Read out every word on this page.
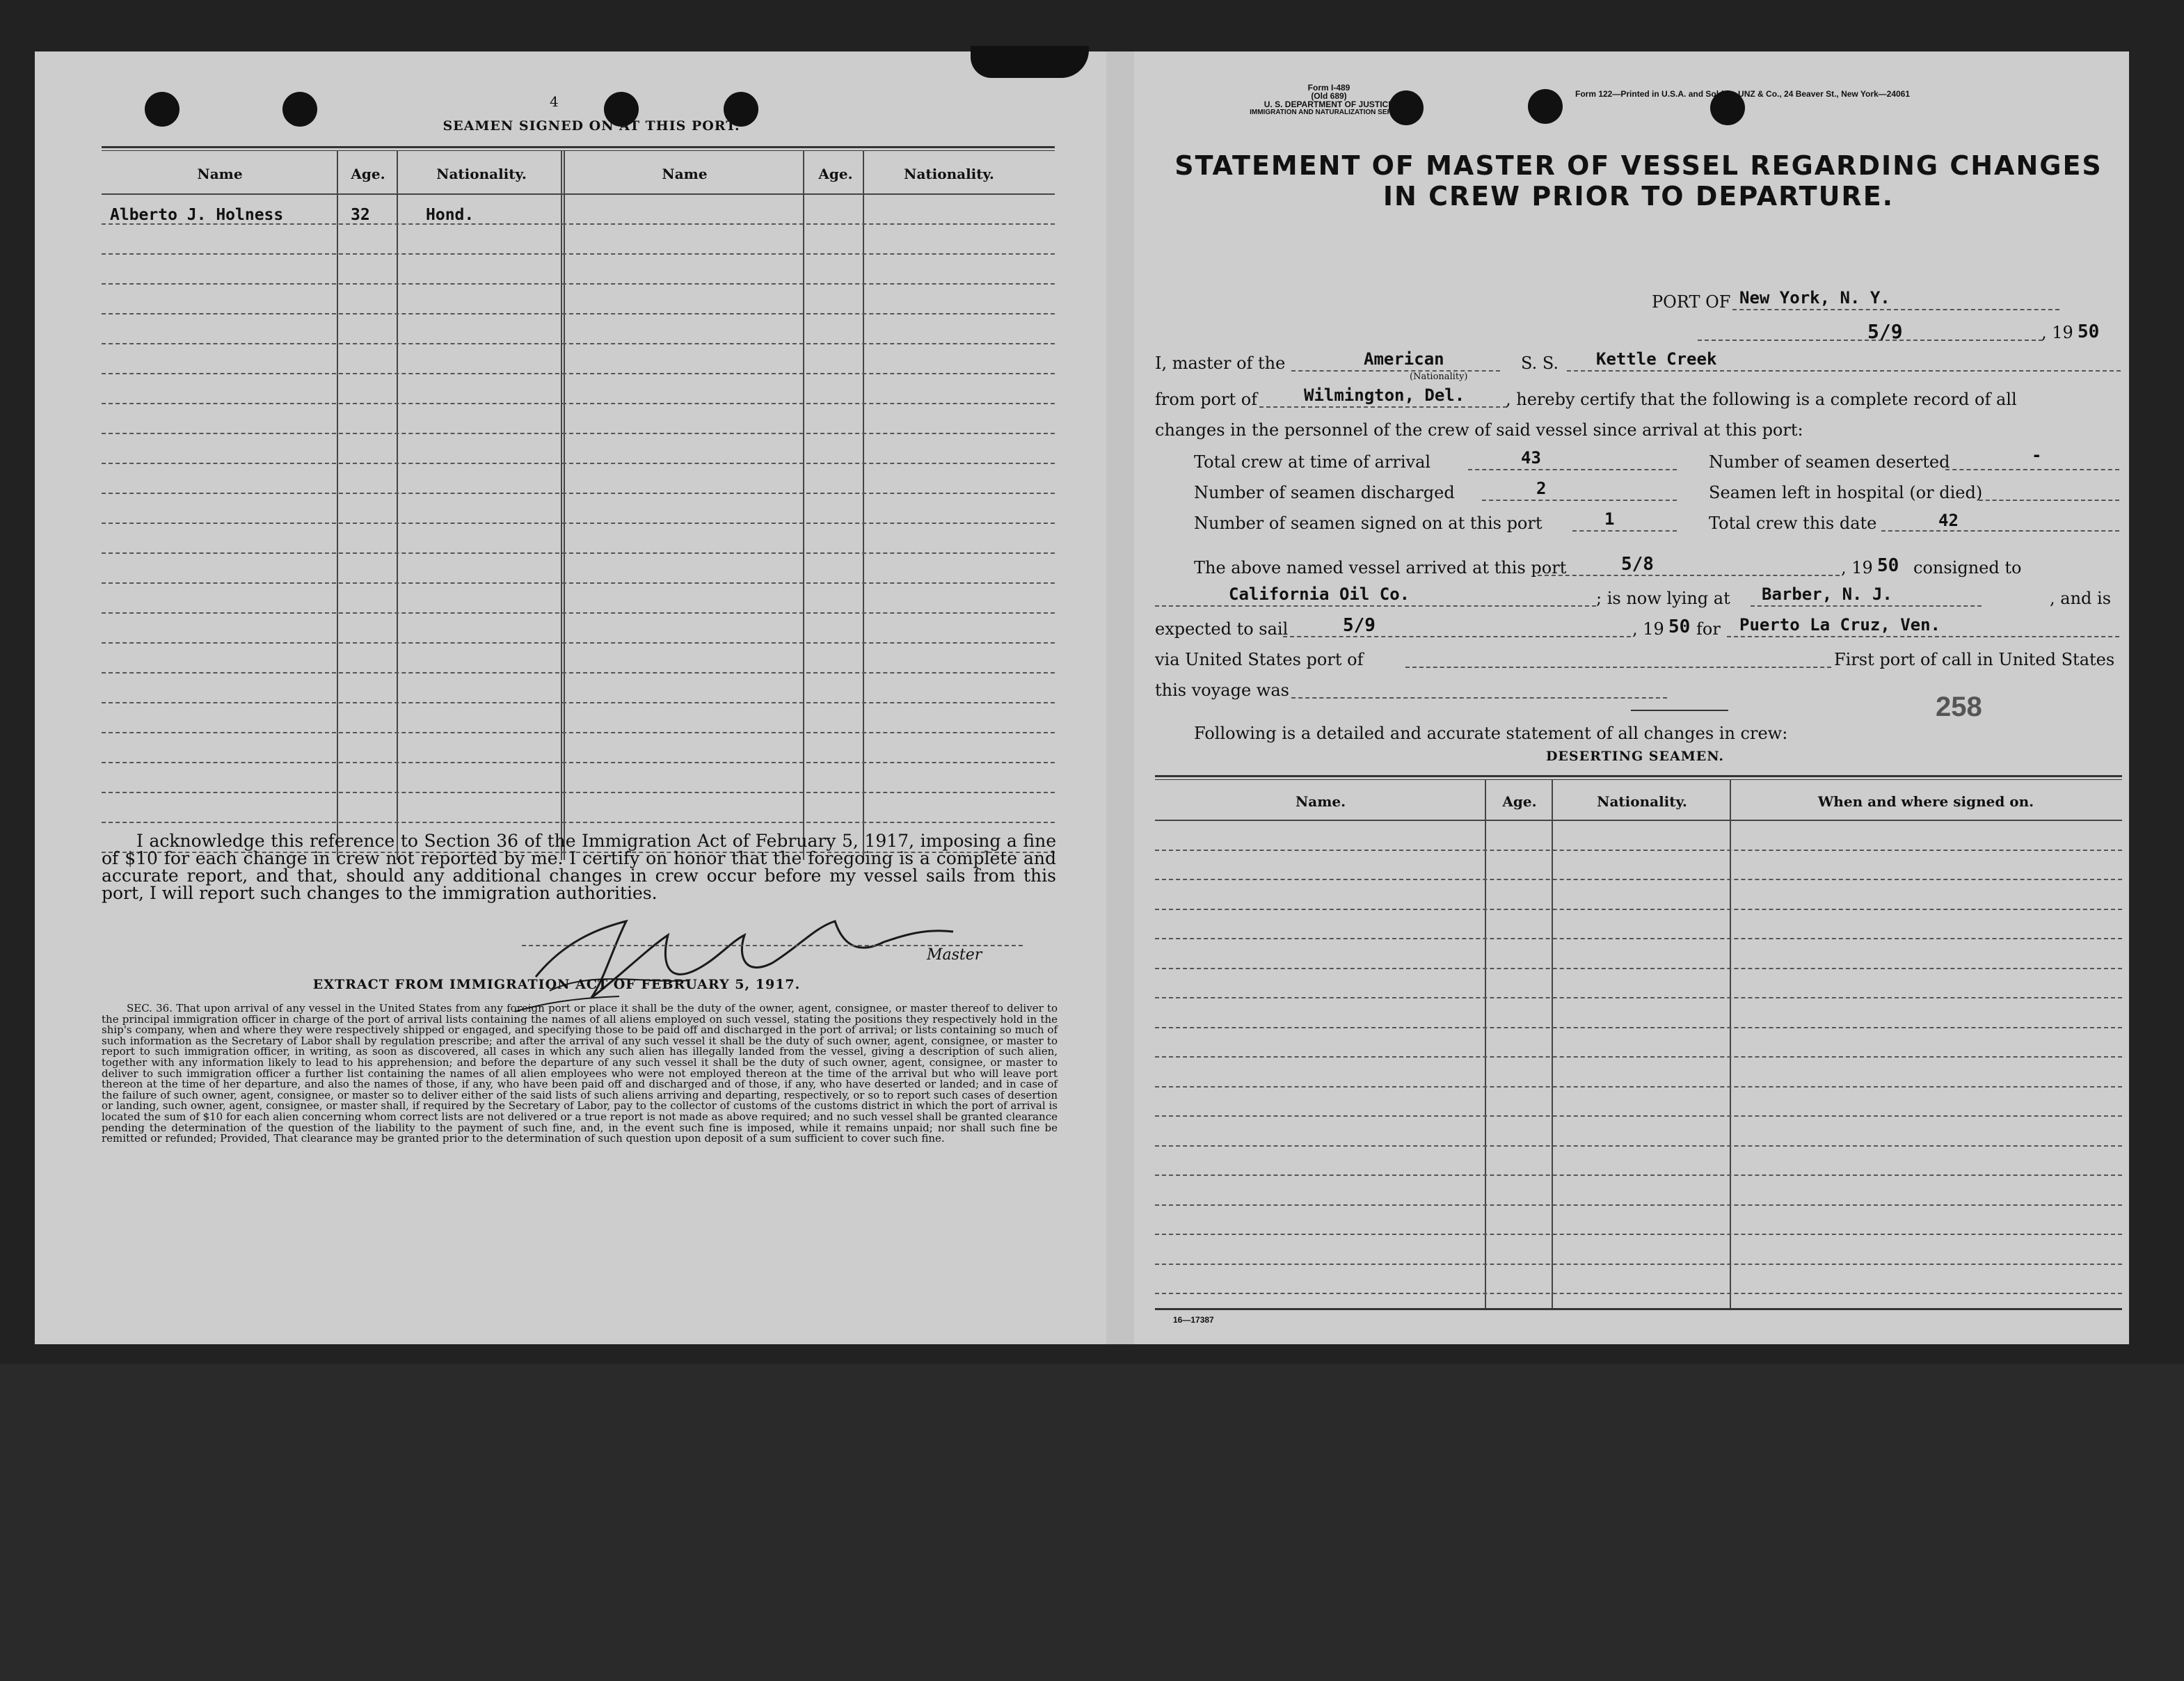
4
SEAMEN SIGNED ON AT THIS PORT.
Name	Age.	Nationality.	Name	Age.	Nationality.
Alberto J. Holness	32	Hond.
I acknowledge this reference to Section 36 of the Immigration Act of February 5, 1917, imposing a fine of $10 for each change in crew not reported by me. I certify on honor that the foregoing is a complete and accurate report, and that, should any additional changes in crew occur before my vessel sails from this port, I will report such changes to the immigration authorities.
Master
EXTRACT FROM IMMIGRATION ACT OF FEBRUARY 5, 1917.
SEC. 36. That upon arrival of any vessel in the United States from any foreign port or place it shall be the duty of the owner, agent, consignee, or master thereof to deliver to the principal immigration officer in charge of the port of arrival lists containing the names of all aliens employed on such vessel, stating the positions they respectively hold in the ship's company, when and where they were respectively shipped or engaged, and specifying those to be paid off and discharged in the port of arrival; or lists containing so much of such information as the Secretary of Labor shall by regulation prescribe; and after the arrival of any such vessel it shall be the duty of such owner, agent, consignee, or master to report to such immigration officer, in writing, as soon as discovered, all cases in which any such alien has illegally landed from the vessel, giving a description of such alien, together with any information likely to lead to his apprehension; and before the departure of any such vessel it shall be the duty of such owner, agent, consignee, or master to deliver to such immigration officer a further list containing the names of all alien employees who were not employed thereon at the time of the arrival but who will leave port thereon at the time of her departure, and also the names of those, if any, who have been paid off and discharged and of those, if any, who have deserted or landed; and in case of the failure of such owner, agent, consignee, or master so to deliver either of the said lists of such aliens arriving and departing, respectively, or so to report such cases of desertion or landing, such owner, agent, consignee, or master shall, if required by the Secretary of Labor, pay to the collector of customs of the customs district in which the port of arrival is located the sum of $10 for each alien concerning whom correct lists are not delivered or a true report is not made as above required; and no such vessel shall be granted clearance pending the determination of the question of the liability to the payment of such fine, and, in the event such fine is imposed, while it remains unpaid; nor shall such fine be remitted or refunded; Provided, That clearance may be granted prior to the determination of such question upon deposit of a sum sufficient to cover such fine.
Form I-489
(Old 689)
U. S. DEPARTMENT OF JUSTICE
IMMIGRATION AND NATURALIZATION SERVICE
Form 122—Printed in U.S.A. and Sold by UNZ & Co., 24 Beaver St., New York—24061
STATEMENT OF MASTER OF VESSEL REGARDING CHANGES
IN CREW PRIOR TO DEPARTURE.
PORT OF New York, N. Y.
5/9	, 19 50
I, master of the	American
(Nationality)
S. S. Kettle Creek
from port of	Wilmington, Del. , hereby certify that the following is a complete record of all
changes in the personnel of the crew of said vessel since arrival at this port:
Total crew at time of arrival	43	Number of seamen deserted	-
Number of seamen discharged	2	Seamen left in hospital (or died)
Number of seamen signed on at this port	1	Total crew this date	42
The above named vessel arrived at this port	5/8	, 19 50 consigned to
California Oil Co.	; is now lying at Barber, N. J.	, and is
expected to sail	5/9	, 19 50 for Puerto La Cruz, Ven.
via United States port of	First port of call in United States
this voyage was
258
Following is a detailed and accurate statement of all changes in crew:
DESERTING SEAMEN.
Name.	Age.	Nationality.	When and where signed on.
16—17387
